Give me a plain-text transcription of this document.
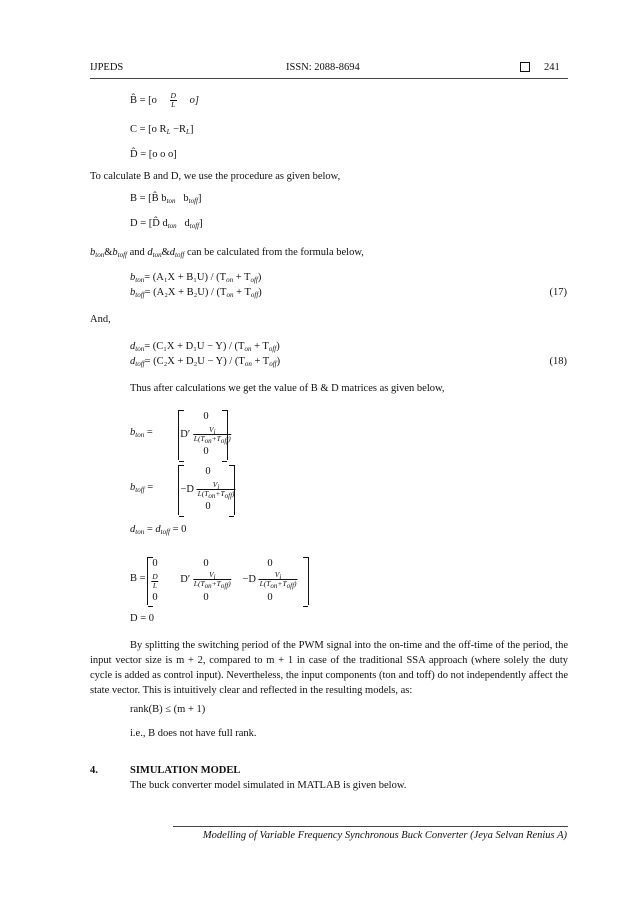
IJPEDS	ISSN: 2088-8694	241
B̂ = $[o \frac{D}{L} o]$
C = [o RL −RL]
D̂ = [o o o]
To calculate B and D, we use the procedure as given below,
B = [B̂ bton   btoff]
D = [D̂ dton   dtoff]
bton&btoff and dton&dtoff can be calculated from the formula below,
bton= (A₁X + B₁U) / (Ton + Toff)
btoff= (A₂X + B₂U) / (Ton + Toff)	(17)
And,
dton= (C₁X + D₁U − Y) / (Ton + Toff)
dtoff= (C₂X + D₂U − Y) / (Ton + Toff)	(18)
Thus after calculations we get the value of B & D matrices as given below,
bton =
0
$D' \frac{Vi}{\text{L(Ton+Toff)}}$
0
btoff =
0
$-D \frac{Vi}{\text{L(Ton+Toff)}}$
0
dton = dtoff = 0
B =
0
$\frac{D}{L}$
0
0
$D' \frac{Vi}{\text{L(Ton+Toff)}}$
0
0
$-D \frac{Vi}{\text{L(Ton+Toff)}}$
0
D = 0
By splitting the switching period of the PWM signal into the on-time and the off-time of the period, the input vector size is m + 2, compared to m + 1 in case of the traditional SSA approach (where solely the duty cycle is added as control input). Nevertheless, the input components (ton and toff) do not independently affect the state vector. This is intuitively clear and reflected in the resulting models, as:
rank(B) ≤ (m + 1)
i.e., B does not have full rank.
4.	SIMULATION MODEL
The buck converter model simulated in MATLAB is given below.
Modelling of Variable Frequency Synchronous Buck Converter (Jeya Selvan Renius A)
